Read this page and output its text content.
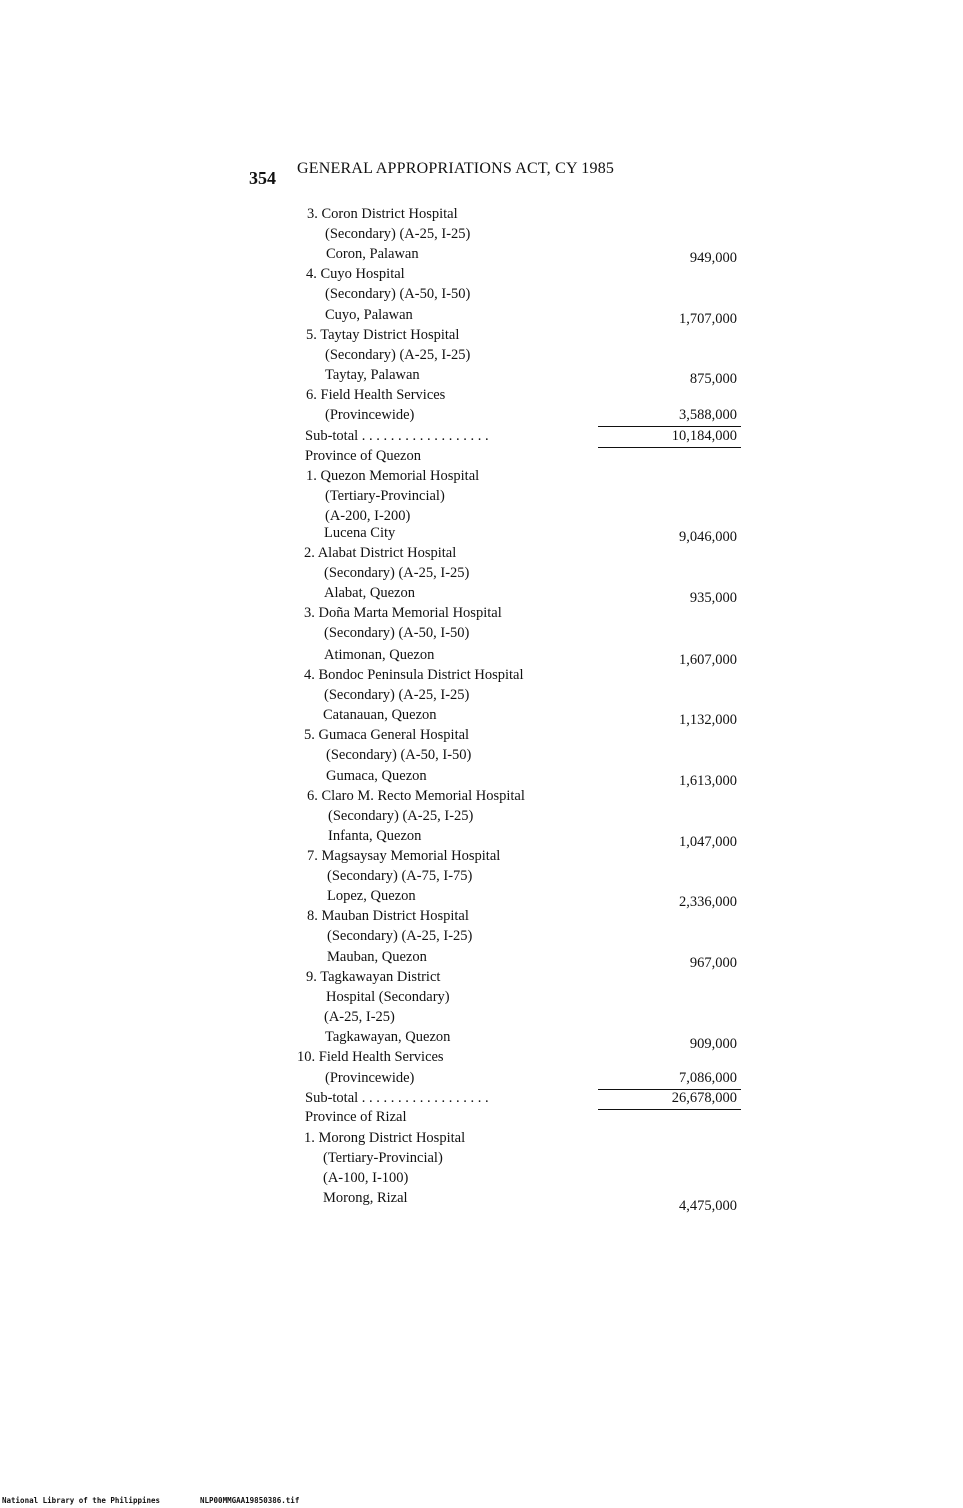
354 GENERAL APPROPRIATIONS ACT, CY 1985
3. Coron District Hospital
(Secondary) (A-25, I-25)
Coron, Palawan	949,000
4. Cuyo Hospital
(Secondary) (A-50, I-50)
Cuyo, Palawan	1,707,000
5. Taytay District Hospital
(Secondary) (A-25, I-25)
Taytay, Palawan	875,000
6. Field Health Services
(Provincewide)	3,588,000
Sub-total . . . . . . . . . . . . . . . . . .	10,184,000
Province of Quezon
1. Quezon Memorial Hospital
(Tertiary-Provincial)
(A-200, I-200)
Lucena City	9,046,000
2. Alabat District Hospital
(Secondary) (A-25, I-25)
Alabat, Quezon	935,000
3. Doña Marta Memorial Hospital
(Secondary) (A-50, I-50)
Atimonan, Quezon	1,607,000
4. Bondoc Peninsula District Hospital
(Secondary) (A-25, I-25)
Catanauan, Quezon	1,132,000
5. Gumaca General Hospital
(Secondary) (A-50, I-50)
Gumaca, Quezon	1,613,000
6. Claro M. Recto Memorial Hospital
(Secondary) (A-25, I-25)
Infanta, Quezon	1,047,000
7. Magsaysay Memorial Hospital
(Secondary) (A-75, I-75)
Lopez, Quezon	2,336,000
8. Mauban District Hospital
(Secondary) (A-25, I-25)
Mauban, Quezon	967,000
9. Tagkawayan District
Hospital (Secondary)
(A-25, I-25)
Tagkawayan, Quezon	909,000
10. Field Health Services
(Provincewide)	7,086,000
Sub-total . . . . . . . . . . . . . . . . . .	26,678,000
Province of Rizal
1. Morong District Hospital
(Tertiary-Provincial)
(A-100, I-100)
Morong, Rizal	4,475,000
National Library of the Philippines	NLP00MMGAA19850386.tif
